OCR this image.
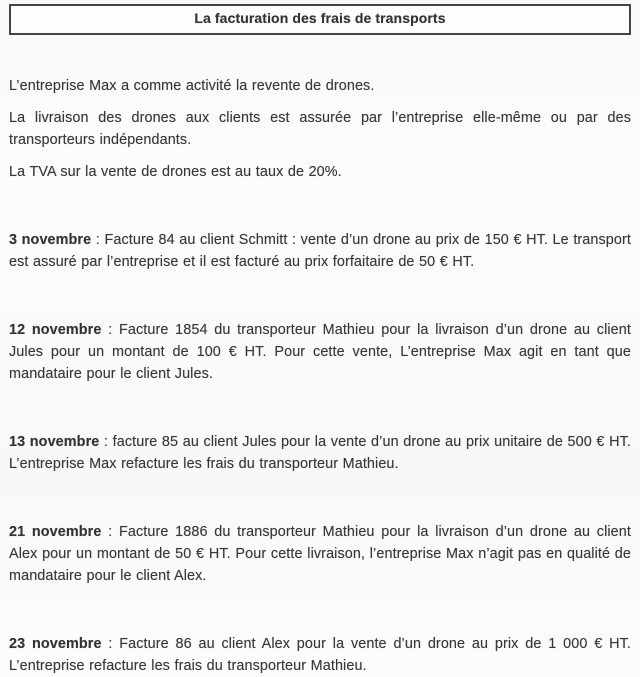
La facturation des frais de transports

L’entreprise Max a comme activité la revente de drones.

La livraison des drones aux clients est assurée par l’entreprise elle-même ou par des transporteurs indépendants.

La TVA sur la vente de drones est au taux de 20%.

3 novembre : Facture 84 au client Schmitt : vente d’un drone au prix de 150 € HT. Le transport est assuré par l’entreprise et il est facturé au prix forfaitaire de 50 € HT.

12 novembre : Facture 1854 du transporteur Mathieu pour la livraison d’un drone au client Jules pour un montant de 100 € HT. Pour cette vente, L’entreprise Max agit en tant que mandataire pour le client Jules.

13 novembre : facture 85 au client Jules pour la vente d’un drone au prix unitaire de 500 € HT. L’entreprise Max refacture les frais du transporteur Mathieu.

21 novembre : Facture 1886 du transporteur Mathieu pour la livraison d’un drone au client Alex pour un montant de 50 € HT. Pour cette livraison, l’entreprise Max n’agit pas en qualité de mandataire pour le client Alex.

23 novembre : Facture 86 au client Alex pour la vente d’un drone au prix de 1 000 € HT. L’entreprise refacture les frais du transporteur Mathieu.
